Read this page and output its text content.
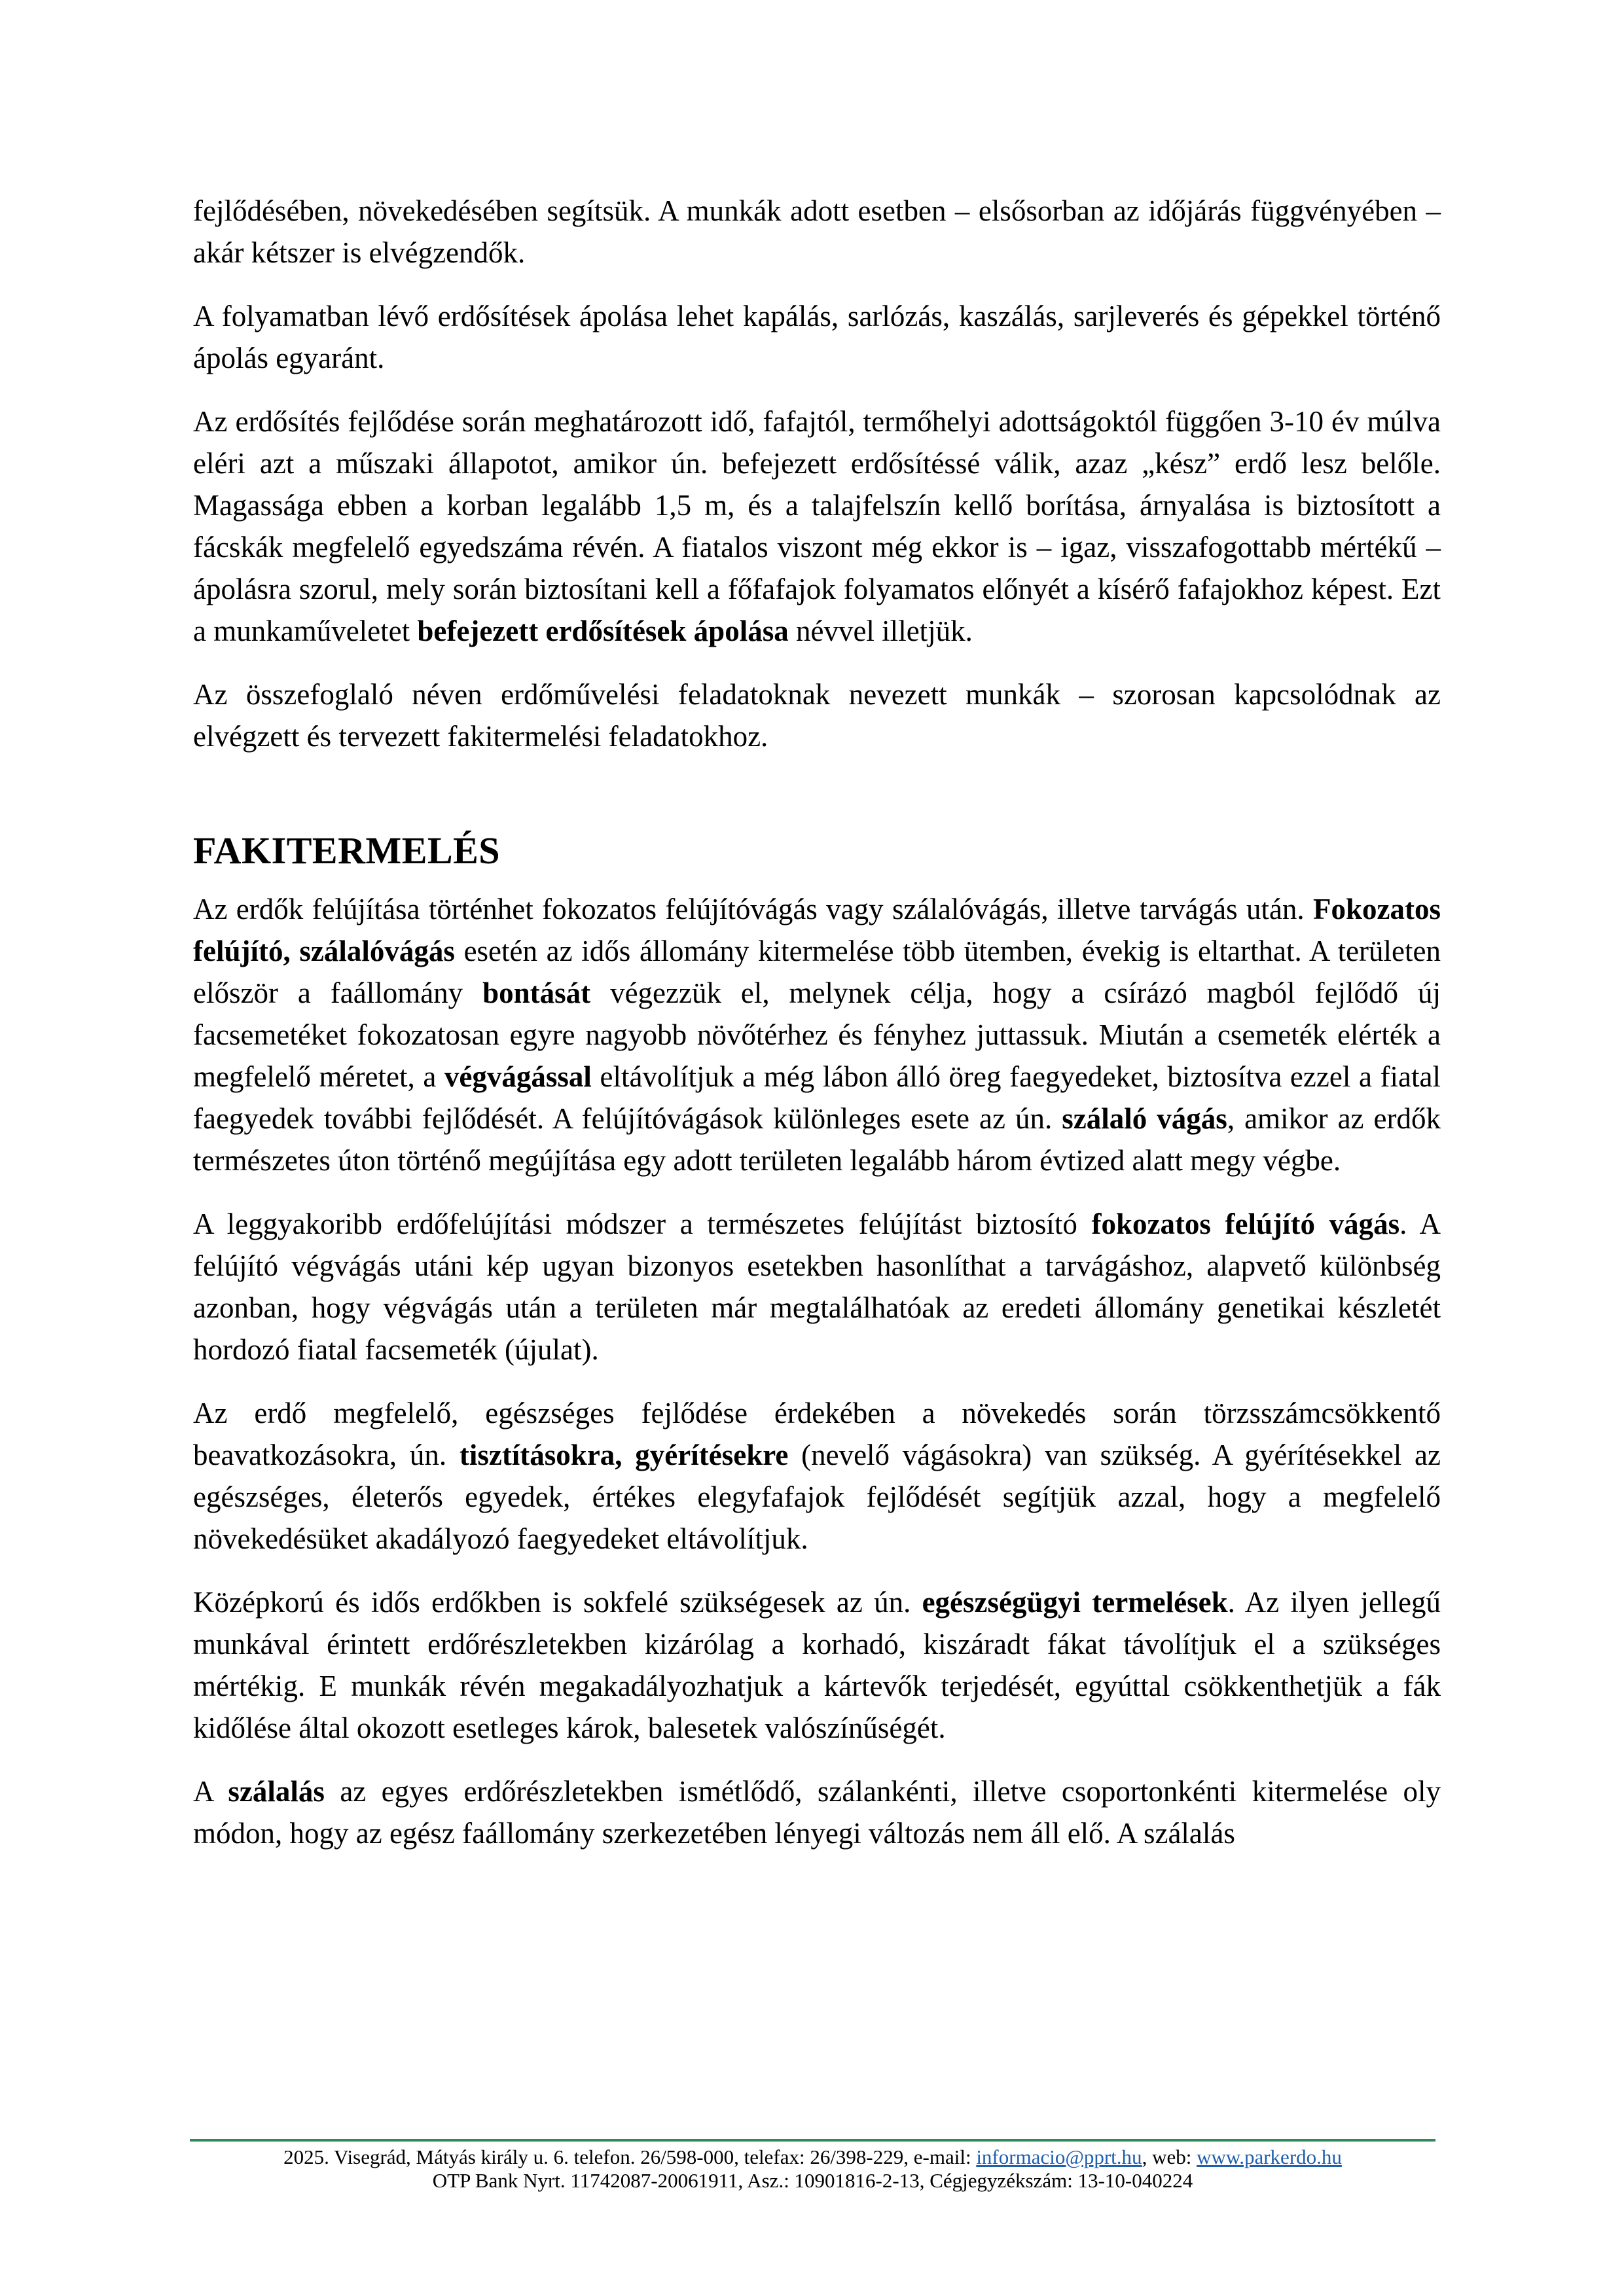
fejlődésében, növekedésében segítsük. A munkák adott esetben – elsősorban az időjárás függvényében – akár kétszer is elvégzendők.

A folyamatban lévő erdősítések ápolása lehet kapálás, sarlózás, kaszálás, sarjleverés és gépekkel történő ápolás egyaránt.

Az erdősítés fejlődése során meghatározott idő, fafajtól, termőhelyi adottságoktól függően 3-10 év múlva eléri azt a műszaki állapotot, amikor ún. befejezett erdősítéssé válik, azaz „kész” erdő lesz belőle. Magassága ebben a korban legalább 1,5 m, és a talajfelszín kellő borítása, árnyalása is biztosított a fácskák megfelelő egyedszáma révén. A fiatalos viszont még ekkor is – igaz, visszafogottabb mértékű – ápolásra szorul, mely során biztosítani kell a főfafajok folyamatos előnyét a kísérő fafajokhoz képest. Ezt a munkaműveletet befejezett erdősítések ápolása névvel illetjük.

Az összefoglaló néven erdőművelési feladatoknak nevezett munkák – szorosan kapcsolódnak az elvégzett és tervezett fakitermelési feladatokhoz.

FAKITERMELÉS

Az erdők felújítása történhet fokozatos felújítóvágás vagy szálalóvágás, illetve tarvágás után. Fokozatos felújító, szálalóvágás esetén az idős állomány kitermelése több ütemben, évekig is eltarthat. A területen először a faállomány bontását végezzük el, melynek célja, hogy a csírázó magból fejlődő új facsemetéket fokozatosan egyre nagyobb növőtérhez és fényhez juttassuk. Miután a csemeték elérték a megfelelő méretet, a végvágással eltávolítjuk a még lábon álló öreg faegyedeket, biztosítva ezzel a fiatal faegyedek további fejlődését. A felújítóvágások különleges esete az ún. szálaló vágás, amikor az erdők természetes úton történő megújítása egy adott területen legalább három évtized alatt megy végbe.

A leggyakoribb erdőfelújítási módszer a természetes felújítást biztosító fokozatos felújító vágás. A felújító végvágás utáni kép ugyan bizonyos esetekben hasonlíthat a tarvágáshoz, alapvető különbség azonban, hogy végvágás után a területen már megtalálhatóak az eredeti állomány genetikai készletét hordozó fiatal facsemeték (újulat).

Az erdő megfelelő, egészséges fejlődése érdekében a növekedés során törzsszámcsökkentő beavatkozásokra, ún. tisztításokra, gyérítésekre (nevelő vágásokra) van szükség. A gyérítésekkel az egészséges, életerős egyedek, értékes elegyfafajok fejlődését segítjük azzal, hogy a megfelelő növekedésüket akadályozó faegyedeket eltávolítjuk.

Középkorú és idős erdőkben is sokfelé szükségesek az ún. egészségügyi termelések. Az ilyen jellegű munkával érintett erdőrészletekben kizárólag a korhadó, kiszáradt fákat távolítjuk el a szükséges mértékig. E munkák révén megakadályozhatjuk a kártevők terjedését, egyúttal csökkenthetjük a fák kidőlése által okozott esetleges károk, balesetek valószínűségét.

A szálalás az egyes erdőrészletekben ismétlődő, szálankénti, illetve csoportonkénti kitermelése oly módon, hogy az egész faállomány szerkezetében lényegi változás nem áll elő. A szálalás

2025. Visegrád, Mátyás király u. 6. telefon. 26/598-000, telefax: 26/398-229, e-mail: informacio@pprt.hu, web: www.parkerdo.hu
OTP Bank Nyrt. 11742087-20061911, Asz.: 10901816-2-13, Cégjegyzékszám: 13-10-040224
